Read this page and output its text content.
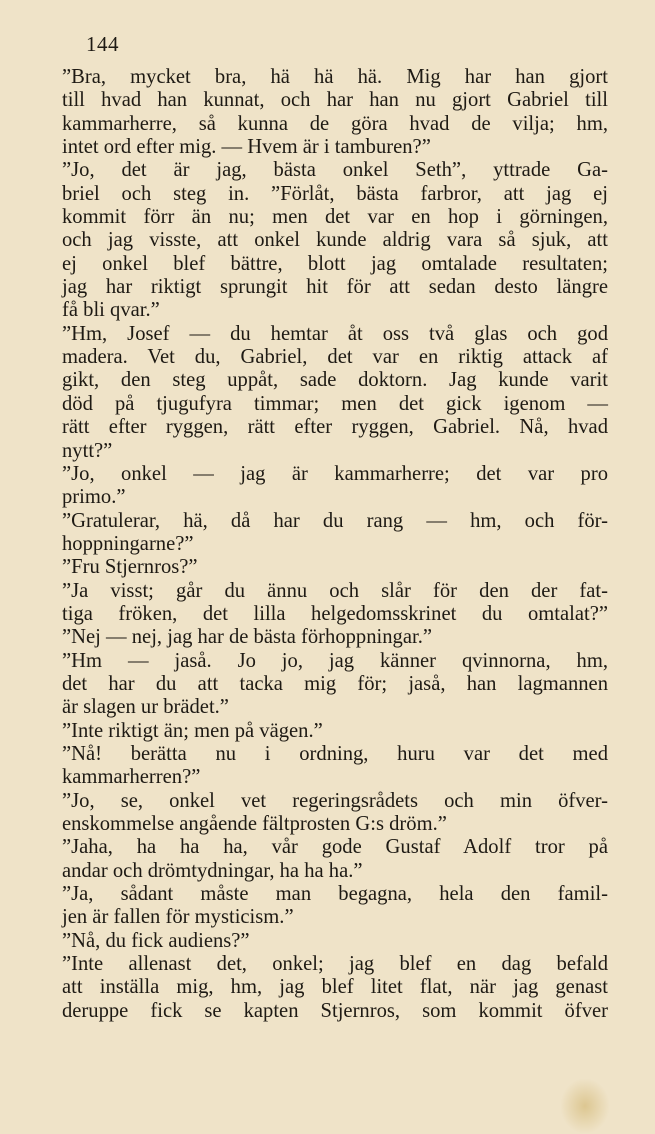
144
”Bra, mycket bra, hä hä hä. Mig har han gjort
till hvad han kunnat, och har han nu gjort Gabriel till
kammarherre, så kunna de göra hvad de vilja; hm,
intet ord efter mig. — Hvem är i tamburen?”
”Jo, det är jag, bästa onkel Seth”, yttrade Ga-
briel och steg in. ”Förlåt, bästa farbror, att jag ej
kommit förr än nu; men det var en hop i görningen,
och jag visste, att onkel kunde aldrig vara så sjuk, att
ej onkel blef bättre, blott jag omtalade resultaten;
jag har riktigt sprungit hit för att sedan desto längre
få bli qvar.”
”Hm, Josef — du hemtar åt oss två glas och god
madera. Vet du, Gabriel, det var en riktig attack af
gikt, den steg uppåt, sade doktorn. Jag kunde varit
död på tjugufyra timmar; men det gick igenom —
rätt efter ryggen, rätt efter ryggen, Gabriel. Nå, hvad
nytt?”
”Jo, onkel — jag är kammarherre; det var pro
primo.”
”Gratulerar, hä, då har du rang — hm, och för-
hoppningarne?”
”Fru Stjernros?”
”Ja visst; går du ännu och slår för den der fat-
tiga fröken, det lilla helgedomsskrinet du omtalat?”
”Nej — nej, jag har de bästa förhoppningar.”
”Hm — jaså. Jo jo, jag känner qvinnorna, hm,
det har du att tacka mig för; jaså, han lagmannen
är slagen ur brädet.”
”Inte riktigt än; men på vägen.”
”Nå! berätta nu i ordning, huru var det med
kammarherren?”
”Jo, se, onkel vet regeringsrådets och min öfver-
enskommelse angående fältprosten G:s dröm.”
”Jaha, ha ha ha, vår gode Gustaf Adolf tror på
andar och drömtydningar, ha ha ha.”
”Ja, sådant måste man begagna, hela den famil-
jen är fallen för mysticism.”
”Nå, du fick audiens?”
”Inte allenast det, onkel; jag blef en dag befald
att inställa mig, hm, jag blef litet flat, när jag genast
deruppe fick se kapten Stjernros, som kommit öfver
